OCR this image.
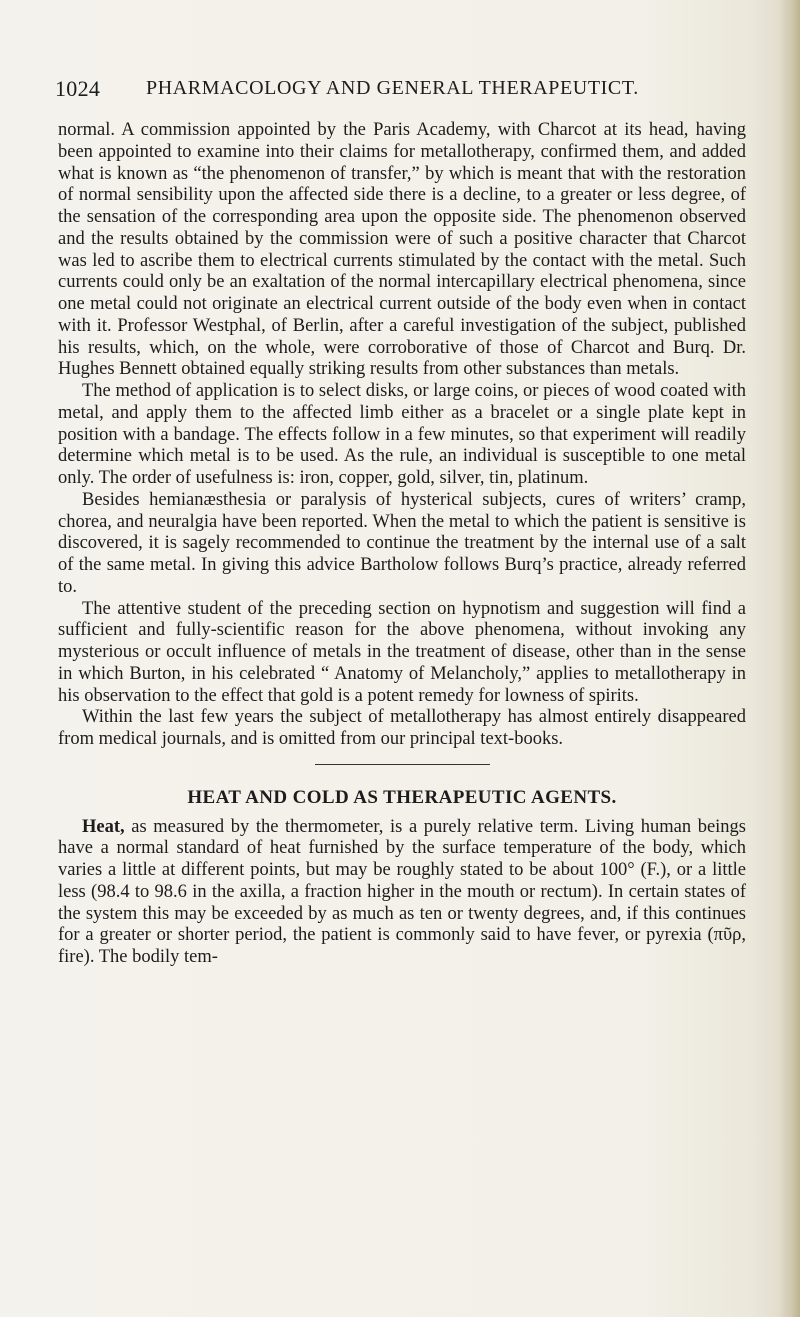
1024 PHARMACOLOGY AND GENERAL THERAPEUTICT.

normal. A commission appointed by the Paris Academy, with Charcot at its head, having been appointed to examine into their claims for metallotherapy, confirmed them, and added what is known as “the phenomenon of transfer,” by which is meant that with the restoration of normal sensibility upon the affected side there is a decline, to a greater or less degree, of the sensation of the corresponding area upon the opposite side. The phenomenon observed and the results obtained by the commission were of such a positive character that Charcot was led to ascribe them to electrical currents stimulated by the contact with the metal. Such currents could only be an exaltation of the normal intercapillary electrical phenomena, since one metal could not originate an electrical current outside of the body even when in contact with it. Professor Westphal, of Berlin, after a careful investigation of the subject, published his results, which, on the whole, were corroborative of those of Charcot and Burq. Dr. Hughes Bennett obtained equally striking results from other substances than metals.

The method of application is to select disks, or large coins, or pieces of wood coated with metal, and apply them to the affected limb either as a bracelet or a single plate kept in position with a bandage. The effects follow in a few minutes, so that experiment will readily determine which metal is to be used. As the rule, an individual is susceptible to one metal only. The order of usefulness is: iron, copper, gold, silver, tin, platinum.

Besides hemianæsthesia or paralysis of hysterical subjects, cures of writers’ cramp, chorea, and neuralgia have been reported. When the metal to which the patient is sensitive is discovered, it is sagely recommended to continue the treatment by the internal use of a salt of the same metal. In giving this advice Bartholow follows Burq’s practice, already referred to.

The attentive student of the preceding section on hypnotism and suggestion will find a sufficient and fully-scientific reason for the above phenomena, without invoking any mysterious or occult influence of metals in the treatment of disease, other than in the sense in which Burton, in his celebrated “ Anatomy of Melancholy,” applies to metallotherapy in his observation to the effect that gold is a potent remedy for lowness of spirits.

Within the last few years the subject of metallotherapy has almost entirely disappeared from medical journals, and is omitted from our principal text-books.

HEAT AND COLD AS THERAPEUTIC AGENTS.

Heat, as measured by the thermometer, is a purely relative term. Living human beings have a normal standard of heat furnished by the surface temperature of the body, which varies a little at different points, but may be roughly stated to be about 100° (F.), or a little less (98.4 to 98.6 in the axilla, a fraction higher in the mouth or rectum). In certain states of the system this may be exceeded by as much as ten or twenty degrees, and, if this continues for a greater or shorter period, the patient is commonly said to have fever, or pyrexia (πῦρ, fire). The bodily tem-
